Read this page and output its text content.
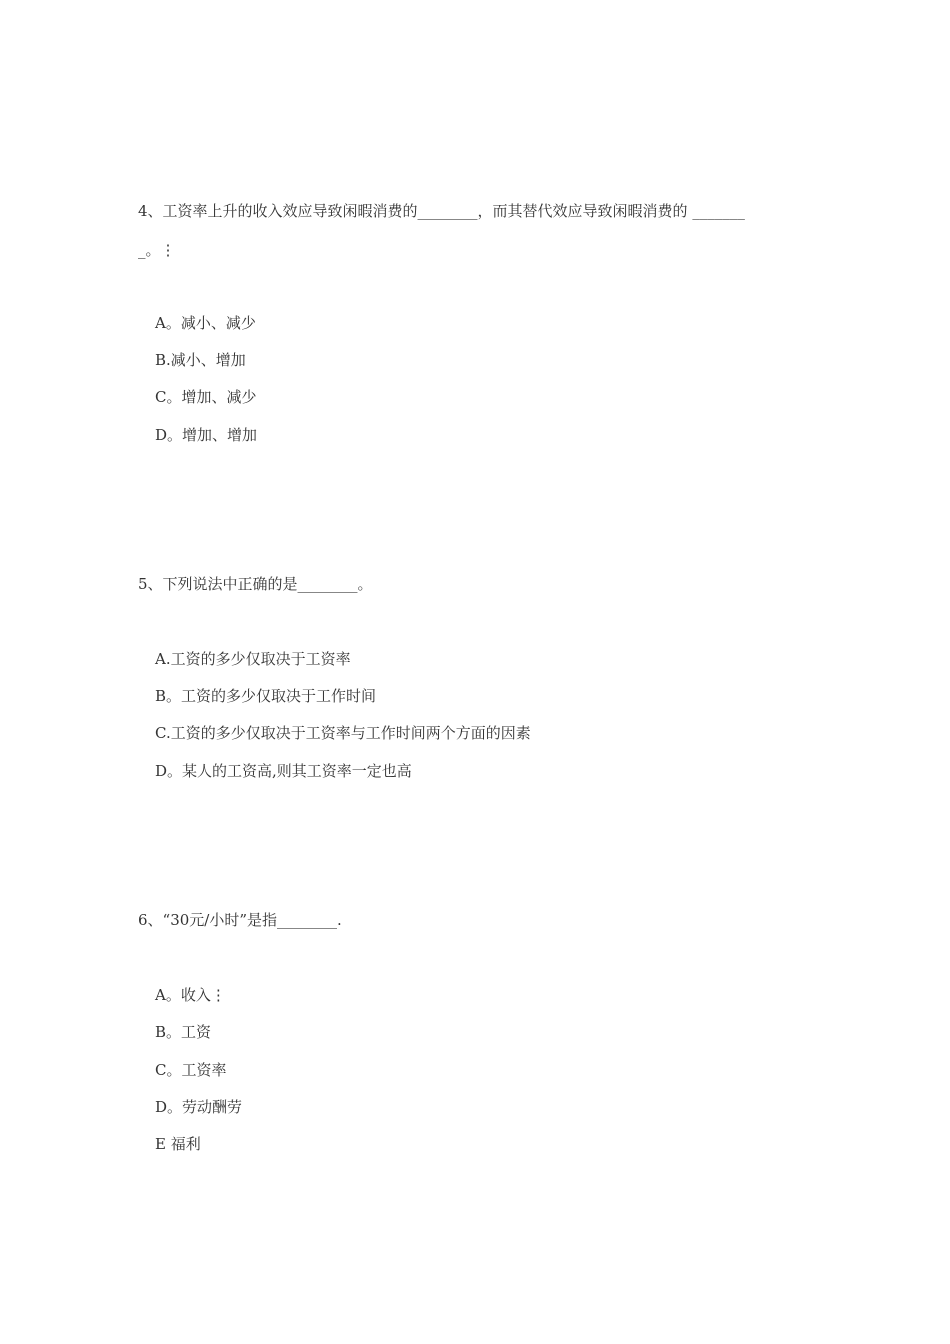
4、工资率上升的收入效应导致闲暇消费的________，而其替代效应导致闲暇消费的 _______
_。⋮
A。减小、减少
B.减小、增加
C。增加、减少
D。增加、增加
5、下列说法中正确的是________。
A.工资的多少仅取决于工资率
B。工资的多少仅取决于工作时间
C.工资的多少仅取决于工资率与工作时间两个方面的因素
D。某人的工资高,则其工资率一定也高
6、“30元/小时”是指________.
A。收入⋮
B。工资
C。工资率
D。劳动酬劳
E 福利
